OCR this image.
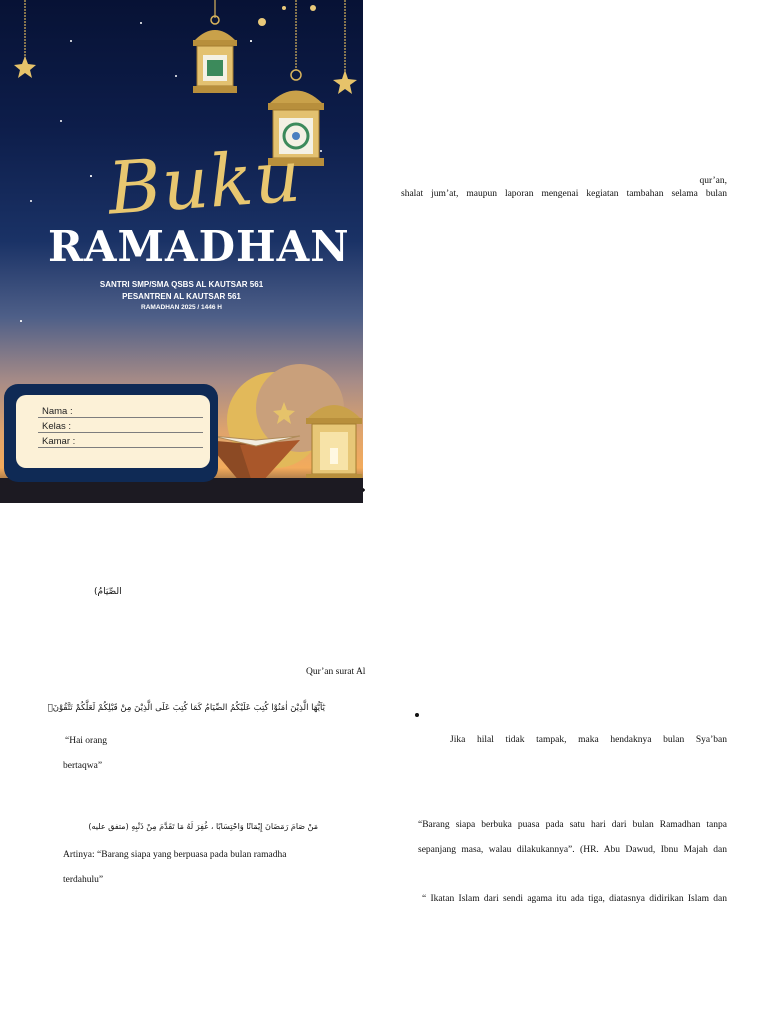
Buku
RAMADHAN
SANTRI SMP/SMA QSBS AL KAUTSAR 561
PESANTREN AL KAUTSAR 561
RAMADHAN 2025 / 1446 H
Nama :
Kelas :
Kamar :
qur’an,
shalat jum’at, maupun laporan mengenai kegiatan tambahan selama bulan
(الصِّيَامُ
Qur’an surat Al
يٰٓاَيُّهَا الَّذِيْنَ اٰمَنُوْا كُتِبَ عَلَيْكُمُ الصِّيَامُ كَمَا كُتِبَ عَلَى الَّذِيْنَ مِنْ قَبْلِكُمْ لَعَلَّكُمْ تَتَّقُوْنَۙ
“Hai orang
bertaqwa”
مَنْ صَامَ رَمَضَانَ إِيْمَانًا وَاحْتِسَابًا ، غُفِرَ لَهُ مَا تَقَدَّمَ مِنْ ذَنْبِهِ (متفق عليه)
Artinya: “Barang siapa yang berpuasa pada bulan ramadha
terdahulu”
Jika hilal tidak tampak, maka hendaknya bulan Sya’ban
“Barang siapa berbuka puasa pada satu hari dari bulan Ramadhan tanpa
sepanjang masa, walau dilakukannya”. (HR. Abu Dawud, Ibnu Majah dan
“ Ikatan Islam dari sendi agama itu ada tiga, diatasnya didirikan Islam dan
